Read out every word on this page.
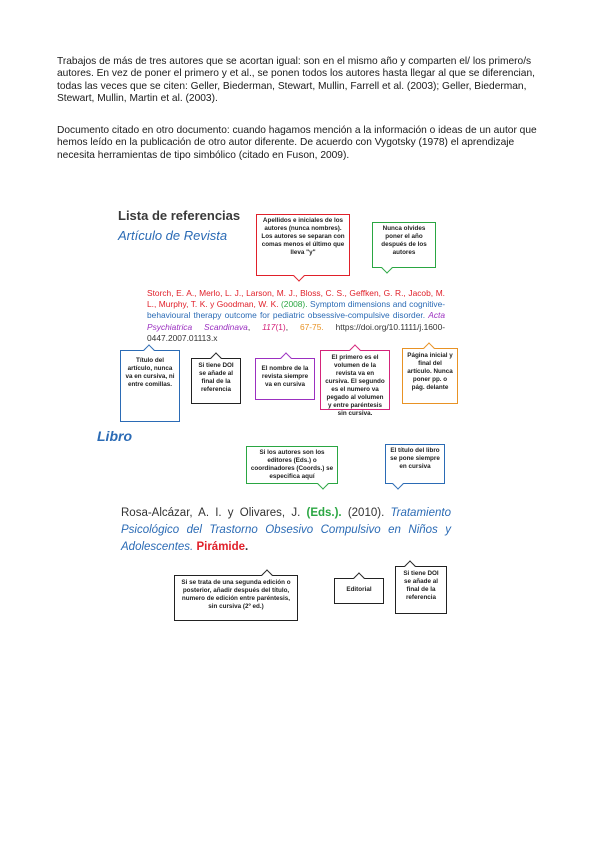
Trabajos de más de tres autores que se acortan igual: son en el mismo año y comparten el/ los primero/s autores. En vez de poner el primero y et al., se ponen todos los autores hasta llegar al que se diferencian, todas las veces que se citen: Geller, Biederman, Stewart, Mullin, Farrell et al. (2003); Geller, Biederman, Stewart, Mullin, Martin et al. (2003).

Documento citado en otro documento: cuando hagamos mención a la información o ideas de un autor que hemos leído en la publicación de otro autor diferente. De acuerdo con Vygotsky (1978) el aprendizaje necesita herramientas de tipo simbólico (citado en Fuson, 2009).

Lista de referencias
Artículo de Revista
Apellidos e iniciales de los autores (nunca nombres). Los autores se separan con comas menos el último que lleva "y"
Nunca olvides poner el año después de los autores
Storch, E. A., Merlo, L. J., Larson, M. J., Bloss, C. S., Geffken, G. R., Jacob, M. L., Murphy, T. K. y Goodman, W. K. (2008). Symptom dimensions and cognitive-behavioural therapy outcome for pediatric obsessive-compulsive disorder. Acta Psychiatrica Scandinava, 117(1), 67-75. https://doi.org/10.1111/j.1600-0447.2007.01113.x
Título del artículo, nunca va en cursiva, ni entre comillas.
Si tiene DOI se añade al final de la referencia
El nombre de la revista siempre va en cursiva
El primero es el volumen de la revista va en cursiva. El segundo es el numero va pegado al volumen y entre paréntesis sin cursiva.
Página inicial y final del artículo. Nunca poner pp. o pág. delante
Libro
Si los autores son los editores (Eds.) o coordinadores (Coords.) se especifica aquí
El título del libro se pone siempre en cursiva
Rosa-Alcázar, A. I. y Olivares, J. (Eds.). (2010). Tratamiento Psicológico del Trastorno Obsesivo Compulsivo en Niños y Adolescentes. Pirámide.
Si se trata de una segunda edición o posterior, añadir después del título, numero de edición entre paréntesis, sin cursiva (2º ed.)
Editorial
Si tiene DOI se añade al final de la referencia
